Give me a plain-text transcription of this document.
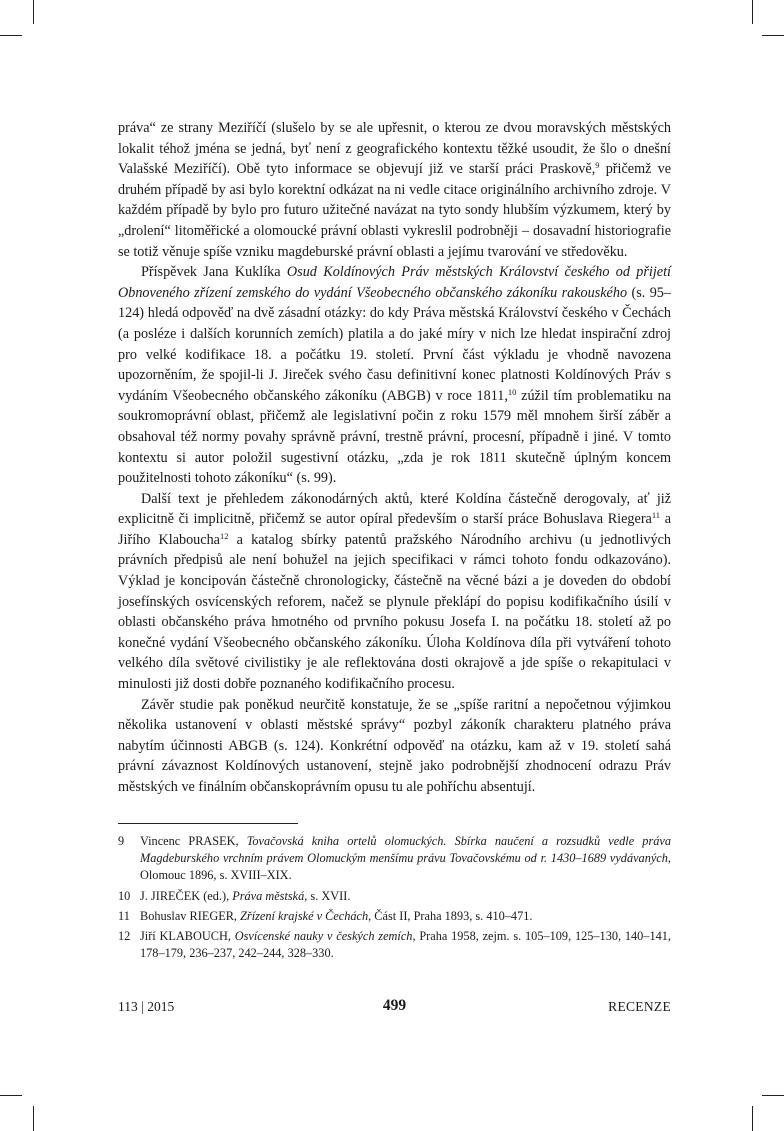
práva“ ze strany Meziříčí (slušelo by se ale upřesnit, o kterou ze dvou moravských městských lokalit téhož jména se jedná, byť není z geografického kontextu těžké usoudit, že šlo o dnešní Valašské Meziříčí). Obě tyto informace se objevují již ve starší práci Praskově,$^9$ přičemž ve druhém případě by asi bylo korektní odkázat na ni vedle citace originálního archivního zdroje. V každém případě by bylo pro futuro užitečné navázat na tyto sondy hlubším výzkumem, který by „drolení“ litoměřické a olomoucké právní oblasti vykreslil podrobněji – dosavadní historiografie se totiž věnuje spíše vzniku magdeburské právní oblasti a jejímu tvarování ve středověku.

Příspěvek Jana Kuklíka Osud Koldínových Práv městských Království českého od přijetí Obnoveného zřízení zemského do vydání Všeobecného občanského zákoníku rakouského (s. 95–124) hledá odpověď na dvě zásadní otázky: do kdy Práva městská Království českého v Čechách (a posléze i dalších korunních zemích) platila a do jaké míry v nich lze hledat inspirační zdroj pro velké kodifikace 18. a počátku 19. století. První část výkladu je vhodně navozena upozorněním, že spojil-li J. Jireček svého času definitivní konec platnosti Koldínových Práv s vydáním Všeobecného občanského zákoníku (ABGB) v roce 1811,10 zúžil tím problematiku na soukromoprávní oblast, přičemž ale legislativní počin z roku 1579 měl mnohem širší záběr a obsahoval též normy povahy správně právní, trestně právní, procesní, případně i jiné. V tomto kontextu si autor položil sugestivní otázku, „zda je rok 1811 skutečně úplným koncem použitelnosti tohoto zákoníku“ (s. 99).

Další text je přehledem zákonodárných aktů, které Koldína částečně derogovaly, ať již explicitně či implicitně, přičemž se autor opíral především o starší práce Bohuslava Riegera$^{11}$ a Jiřího Klabouchа$^{12}$ a katalog sbírky patentů pražského Národního archivu (u jednotlivých právních předpisů ale není bohužel na jejich specifikaci v rámci tohoto fondu odkazováno). Výklad je koncipován částečně chronologicky, částečně na věcné bázi a je doveden do období josefínských osvícenských reforem, načež se plynule překlápí do popisu kodifikačního úsilí v oblasti občanského práva hmotného od prvního pokusu Josefa I. na počátku 18. století až po konečné vydání Všeobecného občanského zákoníku. Úloha Koldínova díla při vytváření tohoto velkého díla světové civilistiky je ale reflektována dosti okrajově a jde spíše o rekapitulaci v minulosti již dosti dobře poznaného kodifikačního procesu.

Závěr studie pak poněkud neurčitě konstatuje, že se „spíše raritní a nepočetnou výjimkou několika ustanovení v oblasti městské správy“ pozbyl zákoník charakteru platného práva nabytím účinnosti ABGB (s. 124). Konkrétní odpověď na otázku, kam až v 19. století sahá právní závaznost Koldínových ustanovení, stejně jako podrobnější zhodnocení odrazu Práv městských ve finálním občanskoprávním opusu tu ale pohříchu absentují.

9	Vincenc PRASEK, Tovačovská kniha ortelů olomuckých. Sbírka naučení a rozsudků vedle práva Magdeburského vrchním právem Olomuckým menšímu právu Tovačovskému od r. 1430–1689 vydávaných, Olomouc 1896, s. XVIII–XIX.
10 J. JIREČEK (ed.), Práva městská, s. XVII.
11 Bohuslav RIEGER, Zřízení krajské v Čechách, Část II, Praha 1893, s. 410–471.
12 Jiří KLABOUCH, Osvícenské nauky v českých zemích, Praha 1958, zejm. s. 105–109, 125–130, 140–141, 178–179, 236–237, 242–244, 328–330.
113 | 2015	499	RECENZE
